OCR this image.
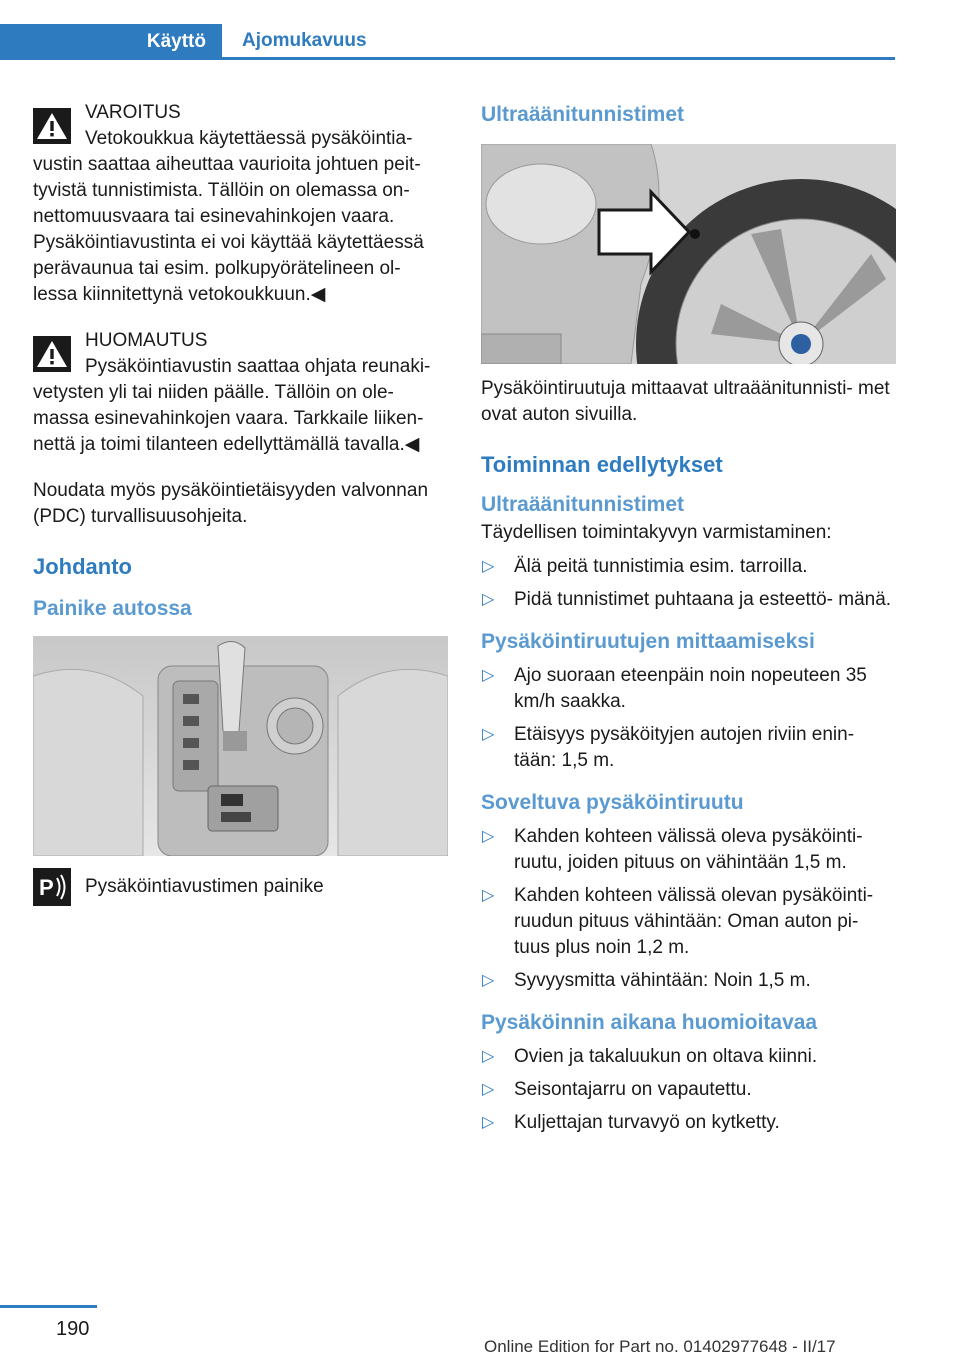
Käyttö	Ajomukavuus

VAROITUS

Vetokoukkua käytettäessä pysäköintia‐

vustin saattaa aiheuttaa vaurioita johtuen peit‐ tyvistä tunnistimista. Tällöin on olemassa on‐ nettomuusvaara tai esinevahinkojen vaara. Pysäköintiavustinta ei voi käyttää käytettäessä perävaunua tai esim. polkupyörätelineen ol‐ lessa kiinnitettynä vetokoukkuun.◀

HUOMAUTUS

Pysäköintiavustin saattaa ohjata reunaki‐

vetysten yli tai niiden päälle. Tällöin on ole‐ massa esinevahinkojen vaara. Tarkkaile liiken‐ nettä ja toimi tilanteen edellyttämällä tavalla.◀

Noudata myös pysäköintietäisyyden valvonnan (PDC) turvallisuusohjeita.

Johdanto
Painike autossa
P Pysäköintiavustimen painike

Ultraäänitunnistimet

Pysäköintiruutuja mittaavat ultraäänitunnisti‐ met ovat auton sivuilla.

Toiminnan edellytykset
Ultraäänitunnistimet

Täydellisen toimintakyvyn varmistaminen:

▷ Älä peitä tunnistimia esim. tarroilla.
▷ Pidä tunnistimet puhtaana ja esteettö‐ mänä.
Pysäköintiruutujen mittaamiseksi
▷ Ajo suoraan eteenpäin noin nopeuteen 35 km/h saakka.
▷ Etäisyys pysäköityjen autojen riviin enin‐ tään: 1,5 m.
Soveltuva pysäköintiruutu
▷ Kahden kohteen välissä oleva pysäköinti‐ ruutu, joiden pituus on vähintään 1,5 m.
▷ Kahden kohteen välissä olevan pysäköinti‐ ruudun pituus vähintään: Oman auton pi‐ tuus plus noin 1,2 m.
▷ Syvyysmitta vähintään: Noin 1,5 m.
Pysäköinnin aikana huomioitavaa
▷ Ovien ja takaluukun on oltava kiinni.
▷ Seisontajarru on vapautettu.
▷ Kuljettajan turvavyö on kytketty.
190
Online Edition for Part no. 01402977648 - II/17
